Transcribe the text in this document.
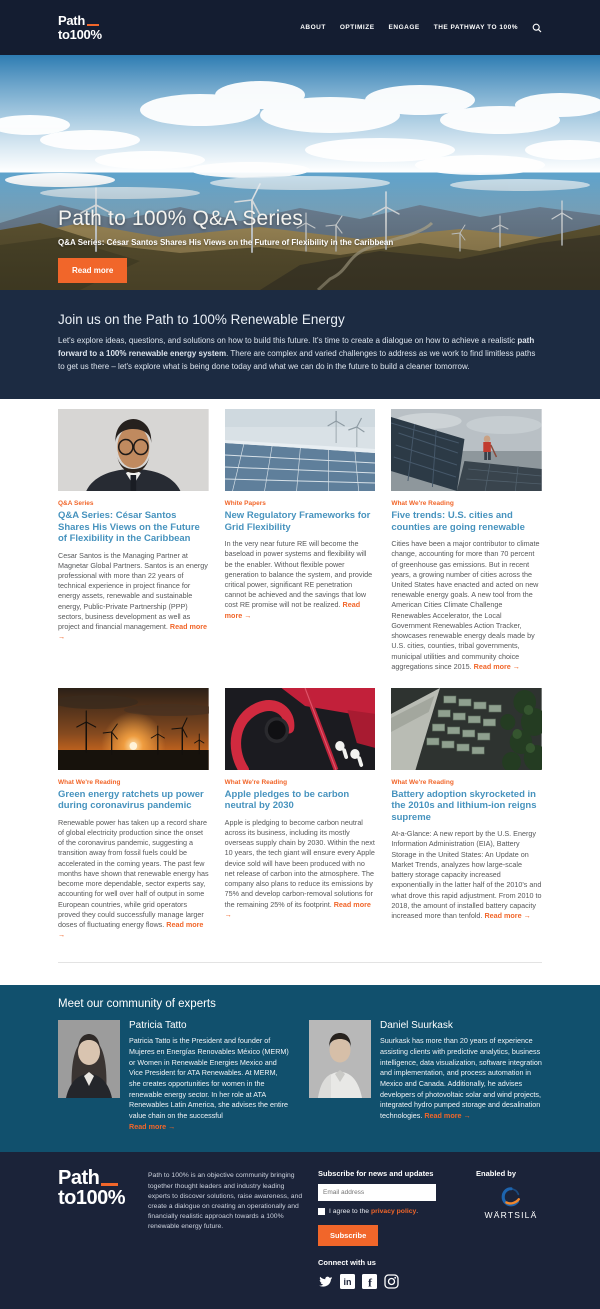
Path
to100%	ABOUT OPTIMIZE ENGAGE THE PATHWAY TO 100%
Path to 100% Q&A Series
Q&A Series: César Santos Shares His Views on the Future of Flexibility in the Caribbean
Read more
Join us on the Path to 100% Renewable Energy

Let's explore ideas, questions, and solutions on how to build this future. It's time to create a dialogue on how to achieve a realistic path forward to a 100% renewable energy system. There are complex and varied challenges to address as we work to find limitless paths to get us there – let's explore what is being done today and what we can do in the future to build a cleaner tomorrow.

Q&A Series
Q&A Series: César Santos Shares His Views on the Future of Flexibility in the Caribbean

Cesar Santos is the Managing Partner at Magnetar Global Partners. Santos is an energy professional with more than 22 years of technical experience in project finance for energy assets, renewable and sustainable energy, Public-Private Partnership (PPP) sectors, business development as well as project and financial management. Read more →

White Papers
New Regulatory Frameworks for Grid Flexibility

In the very near future RE will become the baseload in power systems and flexibility will be the enabler. Without flexible power generation to balance the system, and provide critical power, significant RE penetration cannot be achieved and the savings that low cost RE promise will not be realized. Read more →

What We're Reading
Five trends: U.S. cities and counties are going renewable

Cities have been a major contributor to climate change, accounting for more than 70 percent of greenhouse gas emissions. But in recent years, a growing number of cities across the United States have enacted and acted on new renewable energy goals. A new tool from the American Cities Climate Challenge Renewables Accelerator, the Local Government Renewables Action Tracker, showcases renewable energy deals made by U.S. cities, counties, tribal governments, municipal utilities and community choice aggregations since 2015. Read more →

What We're Reading
Green energy ratchets up power during coronavirus pandemic

Renewable power has taken up a record share of global electricity production since the onset of the coronavirus pandemic, suggesting a transition away from fossil fuels could be accelerated in the coming years. The past few months have shown that renewable energy has become more dependable, sector experts say, accounting for well over half of output in some European countries, while grid operators proved they could successfully manage larger doses of fluctuating energy flows. Read more →

What We're Reading
Apple pledges to be carbon neutral by 2030

Apple is pledging to become carbon neutral across its business, including its mostly overseas supply chain by 2030. Within the next 10 years, the tech giant will ensure every Apple device sold will have been produced with no net release of carbon into the atmosphere. The company also plans to reduce its emissions by 75% and develop carbon-removal solutions for the remaining 25% of its footprint. Read more →

What We're Reading
Battery adoption skyrocketed in the 2010s and lithium-ion reigns supreme

At-a-Glance: A new report by the U.S. Energy Information Administration (EIA), Battery Storage in the United States: An Update on Market Trends, analyzes how large-scale battery storage capacity increased exponentially in the latter half of the 2010's and what drove this rapid adjustment. From 2010 to 2018, the amount of installed battery capacity increased more than tenfold. Read more →

Meet our community of experts
Patricia Tatto

Patricia Tatto is the President and founder of Mujeres en Energías Renovables México (MERM) or Women in Renewable Energies Mexico and Vice President for ATA Renewables. At MERM, she creates opportunities for women in the renewable energy sector. In her role at ATA Renewables Latin America, she advises the entire value chain on the successful
Read more →

Daniel Suurkask

Suurkask has more than 20 years of experience assisting clients with predictive analytics, business intelligence, data visualization, software integration and implementation, and process automation in Mexico and Canada. Additionally, he advises developers of photovoltaic solar and wind projects, integrated hydro pumped storage and desalination technologies. Read more →

Path
to100%

Path to 100% is an objective community bringing together thought leaders and industry leading experts to discover solutions, raise awareness, and create a dialogue on creating an operationally and financially realistic approach towards a 100% renewable energy future.

Subscribe for news and updates
Email address
I agree to the privacy policy.
Subscribe
Connect with us
in f
Enabled by
WÄRTSILÄ
